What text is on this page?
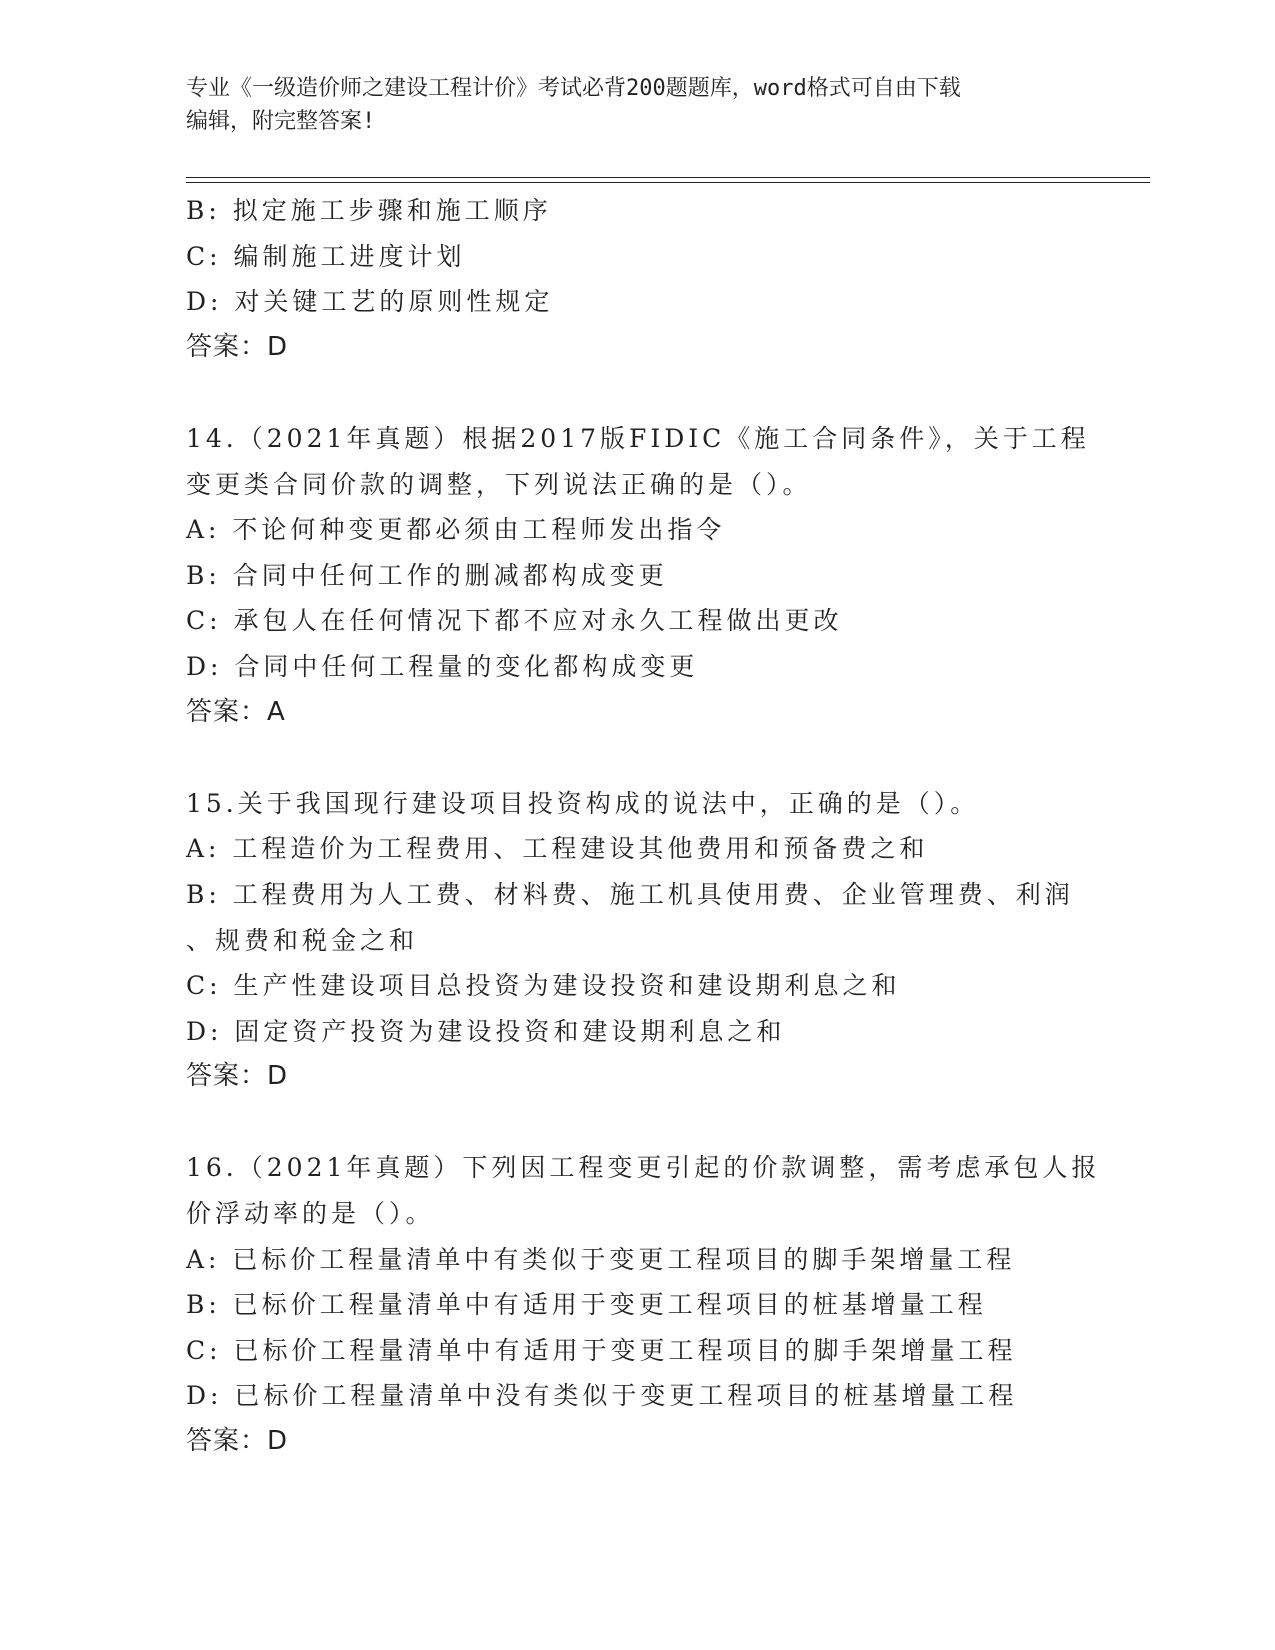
专业《一级造价师之建设工程计价》考试必背200题题库，word格式可自由下载
编辑，附完整答案!
B: 拟定施工步骤和施工顺序
C: 编制施工进度计划
D: 对关键工艺的原则性规定
答案：D
14.（2021年真题）根据2017版FIDIC《施工合同条件》，关于工程
变更类合同价款的调整，下列说法正确的是（）。
A: 不论何种变更都必须由工程师发出指令
B: 合同中任何工作的删减都构成变更
C: 承包人在任何情况下都不应对永久工程做出更改
D: 合同中任何工程量的变化都构成变更
答案：A
15.关于我国现行建设项目投资构成的说法中，正确的是（）。
A: 工程造价为工程费用、工程建设其他费用和预备费之和
B: 工程费用为人工费、材料费、施工机具使用费、企业管理费、利润
、规费和税金之和
C: 生产性建设项目总投资为建设投资和建设期利息之和
D: 固定资产投资为建设投资和建设期利息之和
答案：D
16.（2021年真题）下列因工程变更引起的价款调整，需考虑承包人报
价浮动率的是（）。
A: 已标价工程量清单中有类似于变更工程项目的脚手架增量工程
B: 已标价工程量清单中有适用于变更工程项目的桩基增量工程
C: 已标价工程量清单中有适用于变更工程项目的脚手架增量工程
D: 已标价工程量清单中没有类似于变更工程项目的桩基增量工程
答案：D
